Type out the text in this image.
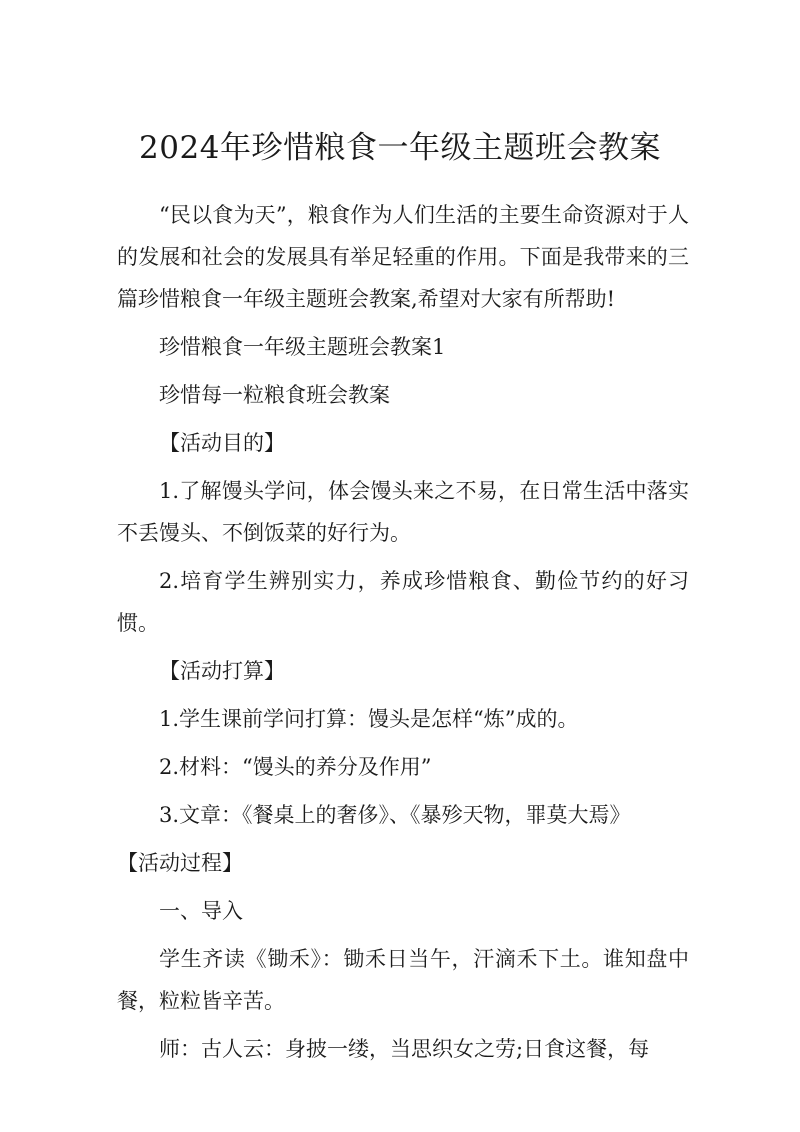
2024年珍惜粮食一年级主题班会教案

“民以食为天”，粮食作为人们生活的主要生命资源对于人的发展和社会的发展具有举足轻重的作用。下面是我带来的三篇珍惜粮食一年级主题班会教案,希望对大家有所帮助!

珍惜粮食一年级主题班会教案1

珍惜每一粒粮食班会教案

【活动目的】

1.了解馒头学问，体会馒头来之不易，在日常生活中落实不丢馒头、不倒饭菜的好行为。

2.培育学生辨别实力，养成珍惜粮食、勤俭节约的好习惯。

【活动打算】

1.学生课前学问打算：馒头是怎样“炼”成的。

2.材料：“馒头的养分及作用”

3.文章：《餐桌上的奢侈》、《暴殄天物，罪莫大焉》

【活动过程】

一、导入

学生齐读《锄禾》：锄禾日当午，汗滴禾下土。谁知盘中餐，粒粒皆辛苦。

师：古人云：身披一缕，当思织女之劳;日食这餐，每
